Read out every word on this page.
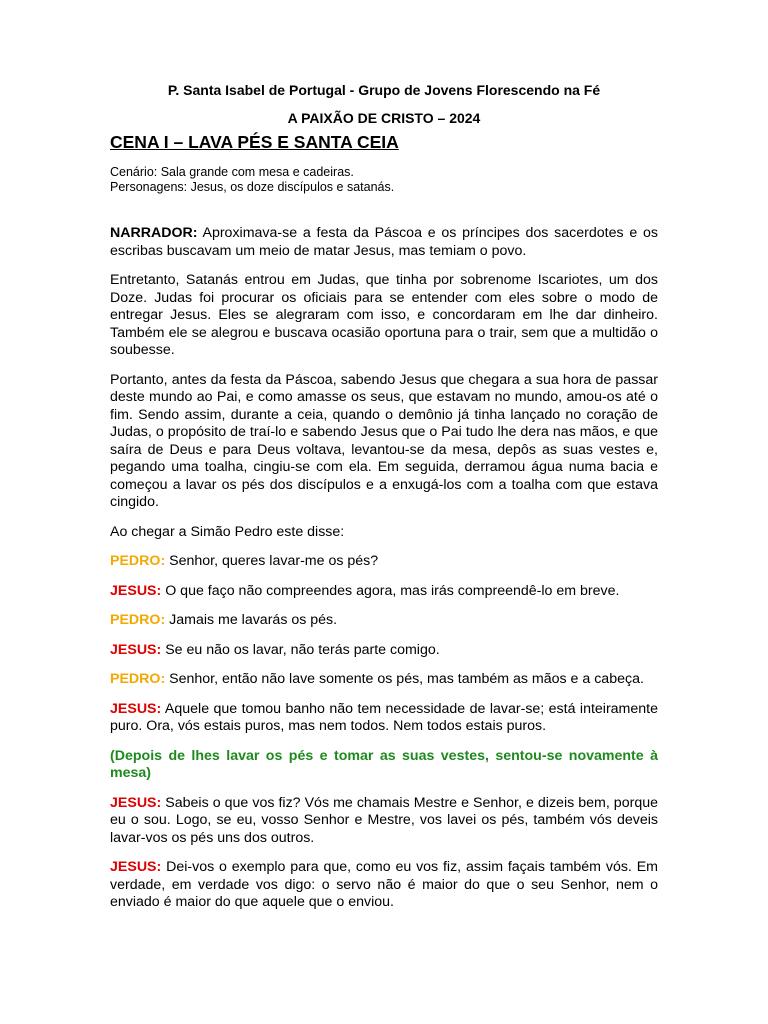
P. Santa Isabel de Portugal - Grupo de Jovens Florescendo na Fé

A PAIXÃO DE CRISTO – 2024

CENA I – LAVA PÉS E SANTA CEIA

Cenário: Sala grande com mesa e cadeiras.
Personagens: Jesus, os doze discípulos e satanás.

NARRADOR: Aproximava-se a festa da Páscoa e os príncipes dos sacerdotes e os escribas buscavam um meio de matar Jesus, mas temiam o povo.

Entretanto, Satanás entrou em Judas, que tinha por sobrenome Iscariotes, um dos Doze. Judas foi procurar os oficiais para se entender com eles sobre o modo de entregar Jesus. Eles se alegraram com isso, e concordaram em lhe dar dinheiro. Também ele se alegrou e buscava ocasião oportuna para o trair, sem que a multidão o soubesse.

Portanto, antes da festa da Páscoa, sabendo Jesus que chegara a sua hora de passar deste mundo ao Pai, e como amasse os seus, que estavam no mundo, amou-os até o fim. Sendo assim, durante a ceia, quando o demônio já tinha lançado no coração de Judas, o propósito de traí-lo e sabendo Jesus que o Pai tudo lhe dera nas mãos, e que saíra de Deus e para Deus voltava, levantou-se da mesa, depôs as suas vestes e, pegando uma toalha, cingiu-se com ela. Em seguida, derramou água numa bacia e começou a lavar os pés dos discípulos e a enxugá-los com a toalha com que estava cingido.

Ao chegar a Simão Pedro este disse:

PEDRO: Senhor, queres lavar-me os pés?

JESUS: O que faço não compreendes agora, mas irás compreendê-lo em breve.

PEDRO: Jamais me lavarás os pés.

JESUS: Se eu não os lavar, não terás parte comigo.

PEDRO: Senhor, então não lave somente os pés, mas também as mãos e a cabeça.

JESUS: Aquele que tomou banho não tem necessidade de lavar-se; está inteiramente puro. Ora, vós estais puros, mas nem todos. Nem todos estais puros.

(Depois de lhes lavar os pés e tomar as suas vestes, sentou-se novamente à mesa)

JESUS: Sabeis o que vos fiz? Vós me chamais Mestre e Senhor, e dizeis bem, porque eu o sou. Logo, se eu, vosso Senhor e Mestre, vos lavei os pés, também vós deveis lavar-vos os pés uns dos outros.

JESUS: Dei-vos o exemplo para que, como eu vos fiz, assim façais também vós. Em verdade, em verdade vos digo: o servo não é maior do que o seu Senhor, nem o enviado é maior do que aquele que o enviou.
